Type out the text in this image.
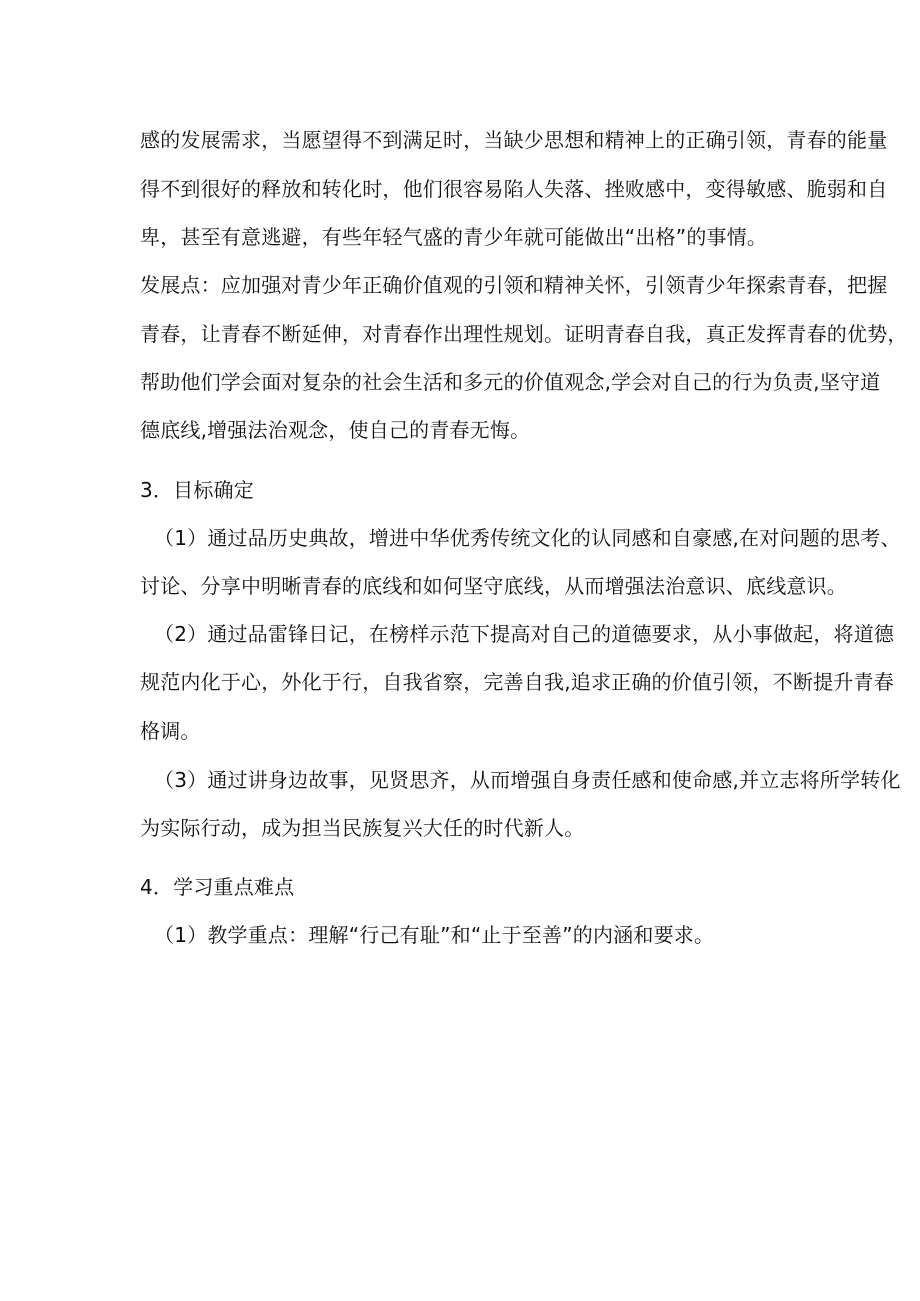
感的发展需求，当愿望得不到满足时，当缺少思想和精神上的正确引领，青春的能量
得不到很好的释放和转化时，他们很容易陷人失落、挫败感中，变得敏感、脆弱和自
卑，甚至有意逃避，有些年轻气盛的青少年就可能做出“出格”的事情。
发展点：应加强对青少年正确价值观的引领和精神关怀，引领青少年探索青春，把握
青春，让青春不断延伸，对青春作出理性规划。证明青春自我，真正发挥青春的优势，
帮助他们学会面对复杂的社会生活和多元的价值观念,学会对自己的行为负责,坚守道
德底线,增强法治观念，使自己的青春无悔。
3．目标确定
（1）通过品历史典故，增进中华优秀传统文化的认同感和自豪感,在对问题的思考、
讨论、分享中明晰青春的底线和如何坚守底线，从而增强法治意识、底线意识。
（2）通过品雷锋日记，在榜样示范下提高对自己的道德要求，从小事做起，将道德
规范内化于心，外化于行，自我省察，完善自我,追求正确的价值引领，不断提升青春
格调。
（3）通过讲身边故事，见贤思齐，从而增强自身责任感和使命感,并立志将所学转化
为实际行动，成为担当民族复兴大任的时代新人。
4．学习重点难点
（1）教学重点：理解“行己有耻”和“止于至善”的内涵和要求。
